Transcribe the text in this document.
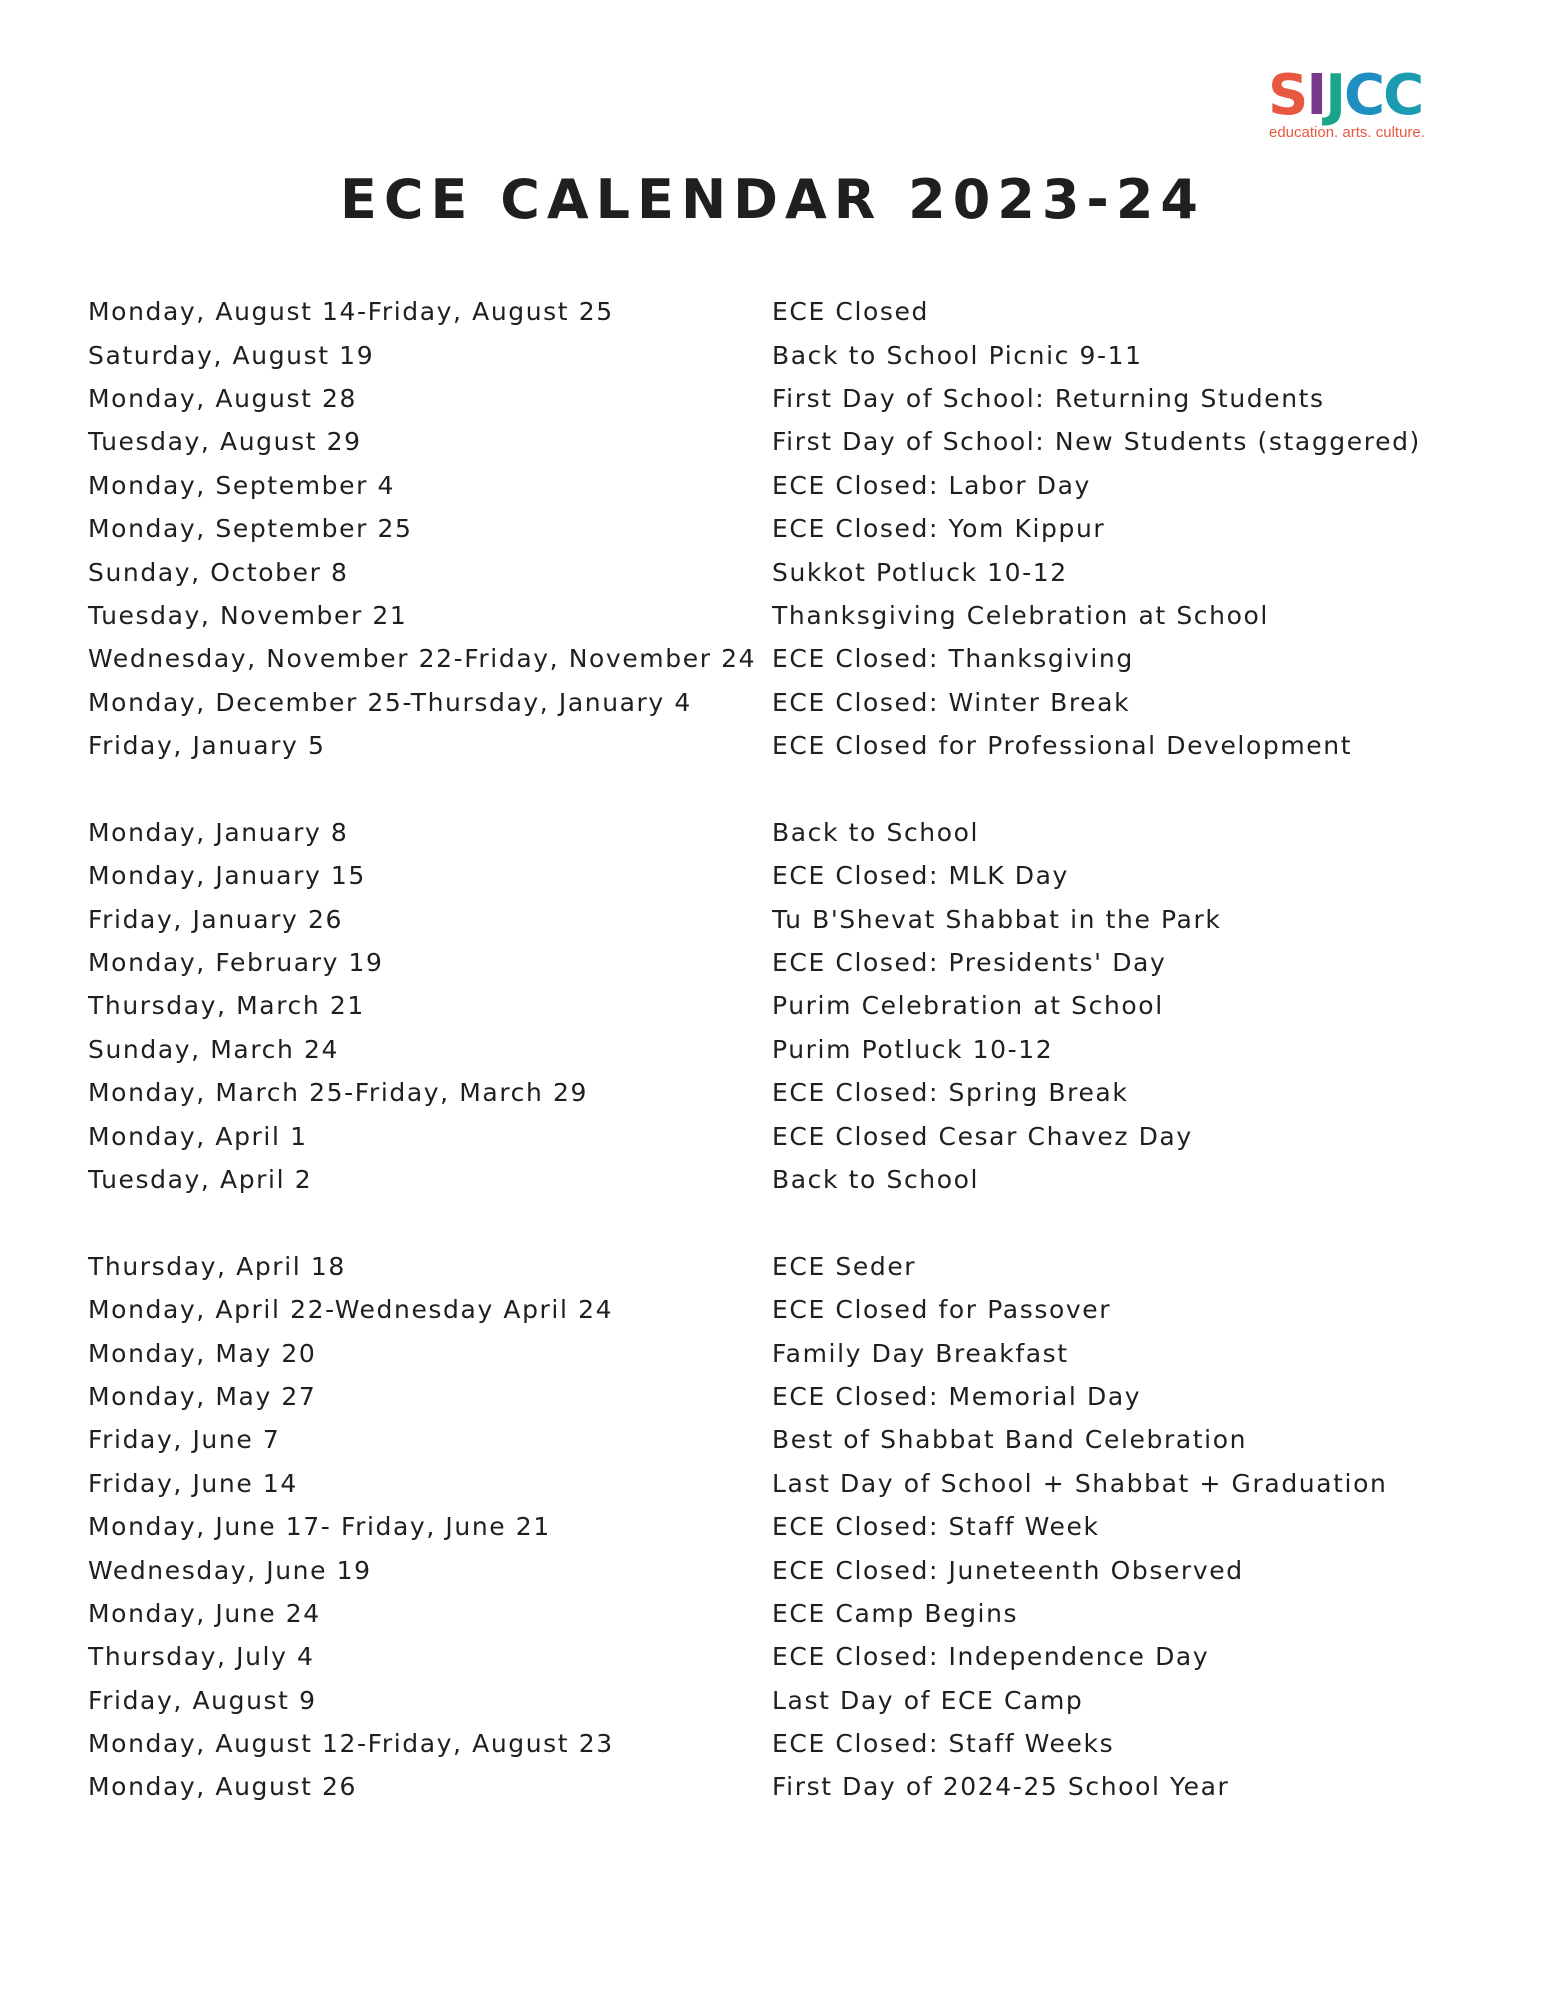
S I J C C
education. arts. culture.
ECE CALENDAR 2023-24
Monday, August 14-Friday, August 25	ECE Closed
Saturday, August 19	Back to School Picnic 9-11
Monday, August 28	First Day of School: Returning Students
Tuesday, August 29	First Day of School: New Students (staggered)
Monday, September 4	ECE Closed: Labor Day
Monday, September 25	ECE Closed: Yom Kippur
Sunday, October 8	Sukkot Potluck 10-12
Tuesday, November 21	Thanksgiving Celebration at School
Wednesday, November 22-Friday, November 24 ECE Closed: Thanksgiving
Monday, December 25-Thursday, January 4	ECE Closed: Winter Break
Friday, January 5	ECE Closed for Professional Development
Monday, January 8	Back to School
Monday, January 15	ECE Closed: MLK Day
Friday, January 26	Tu B'Shevat Shabbat in the Park
Monday, February 19	ECE Closed: Presidents' Day
Thursday, March 21	Purim Celebration at School
Sunday, March 24	Purim Potluck 10-12
Monday, March 25-Friday, March 29	ECE Closed: Spring Break
Monday, April 1	ECE Closed Cesar Chavez Day
Tuesday, April 2	Back to School
Thursday, April 18	ECE Seder
Monday, April 22-Wednesday April 24	ECE Closed for Passover
Monday, May 20	Family Day Breakfast
Monday, May 27	ECE Closed: Memorial Day
Friday, June 7	Best of Shabbat Band Celebration
Friday, June 14	Last Day of School + Shabbat + Graduation
Monday, June 17- Friday, June 21	ECE Closed: Staff Week
Wednesday, June 19	ECE Closed: Juneteenth Observed
Monday, June 24	ECE Camp Begins
Thursday, July 4	ECE Closed: Independence Day
Friday, August 9	Last Day of ECE Camp
Monday, August 12-Friday, August 23	ECE Closed: Staff Weeks
Monday, August 26	First Day of 2024-25 School Year
